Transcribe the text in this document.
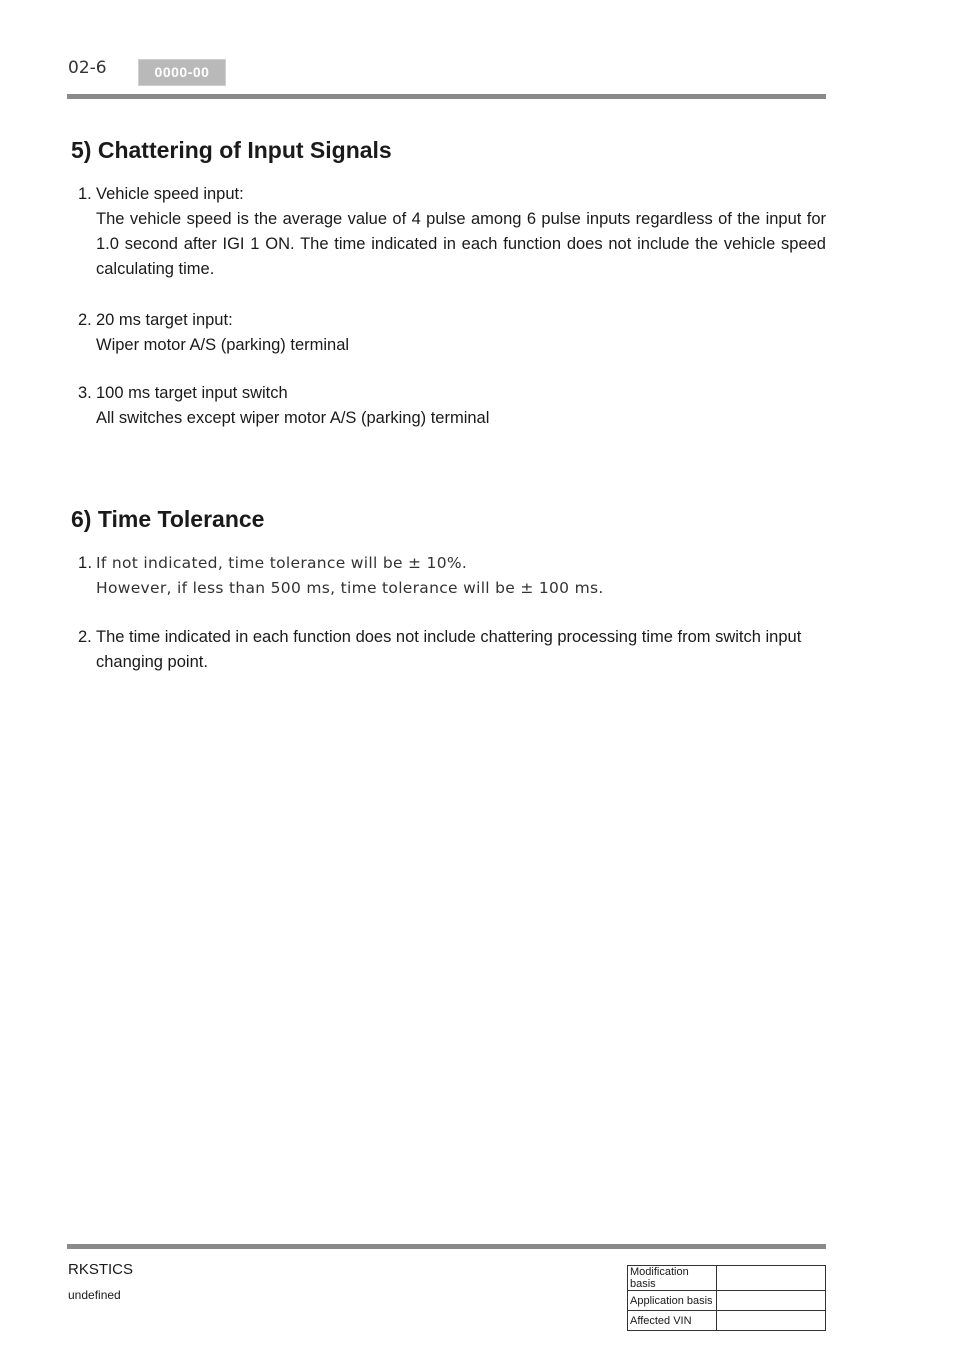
02-6	0000-00
5) Chattering of Input Signals
1. Vehicle speed input:
The vehicle speed is the average value of 4 pulse among 6 pulse inputs regardless of the input for 1.0 second after IGI 1 ON. The time indicated in each function does not include the vehicle speed calculating time.
2. 20 ms target input:
Wiper motor A/S (parking) terminal
3. 100 ms target input switch
All switches except wiper motor A/S (parking) terminal
6) Time Tolerance
1. If not indicated, time tolerance will be ± 10%.
However, if less than 500 ms, time tolerance will be ± 100 ms.
2. The time indicated in each function does not include chattering processing time from switch input changing point.
RKSTICS
undefined
Modification basis	
Application basis	
Affected VIN	
